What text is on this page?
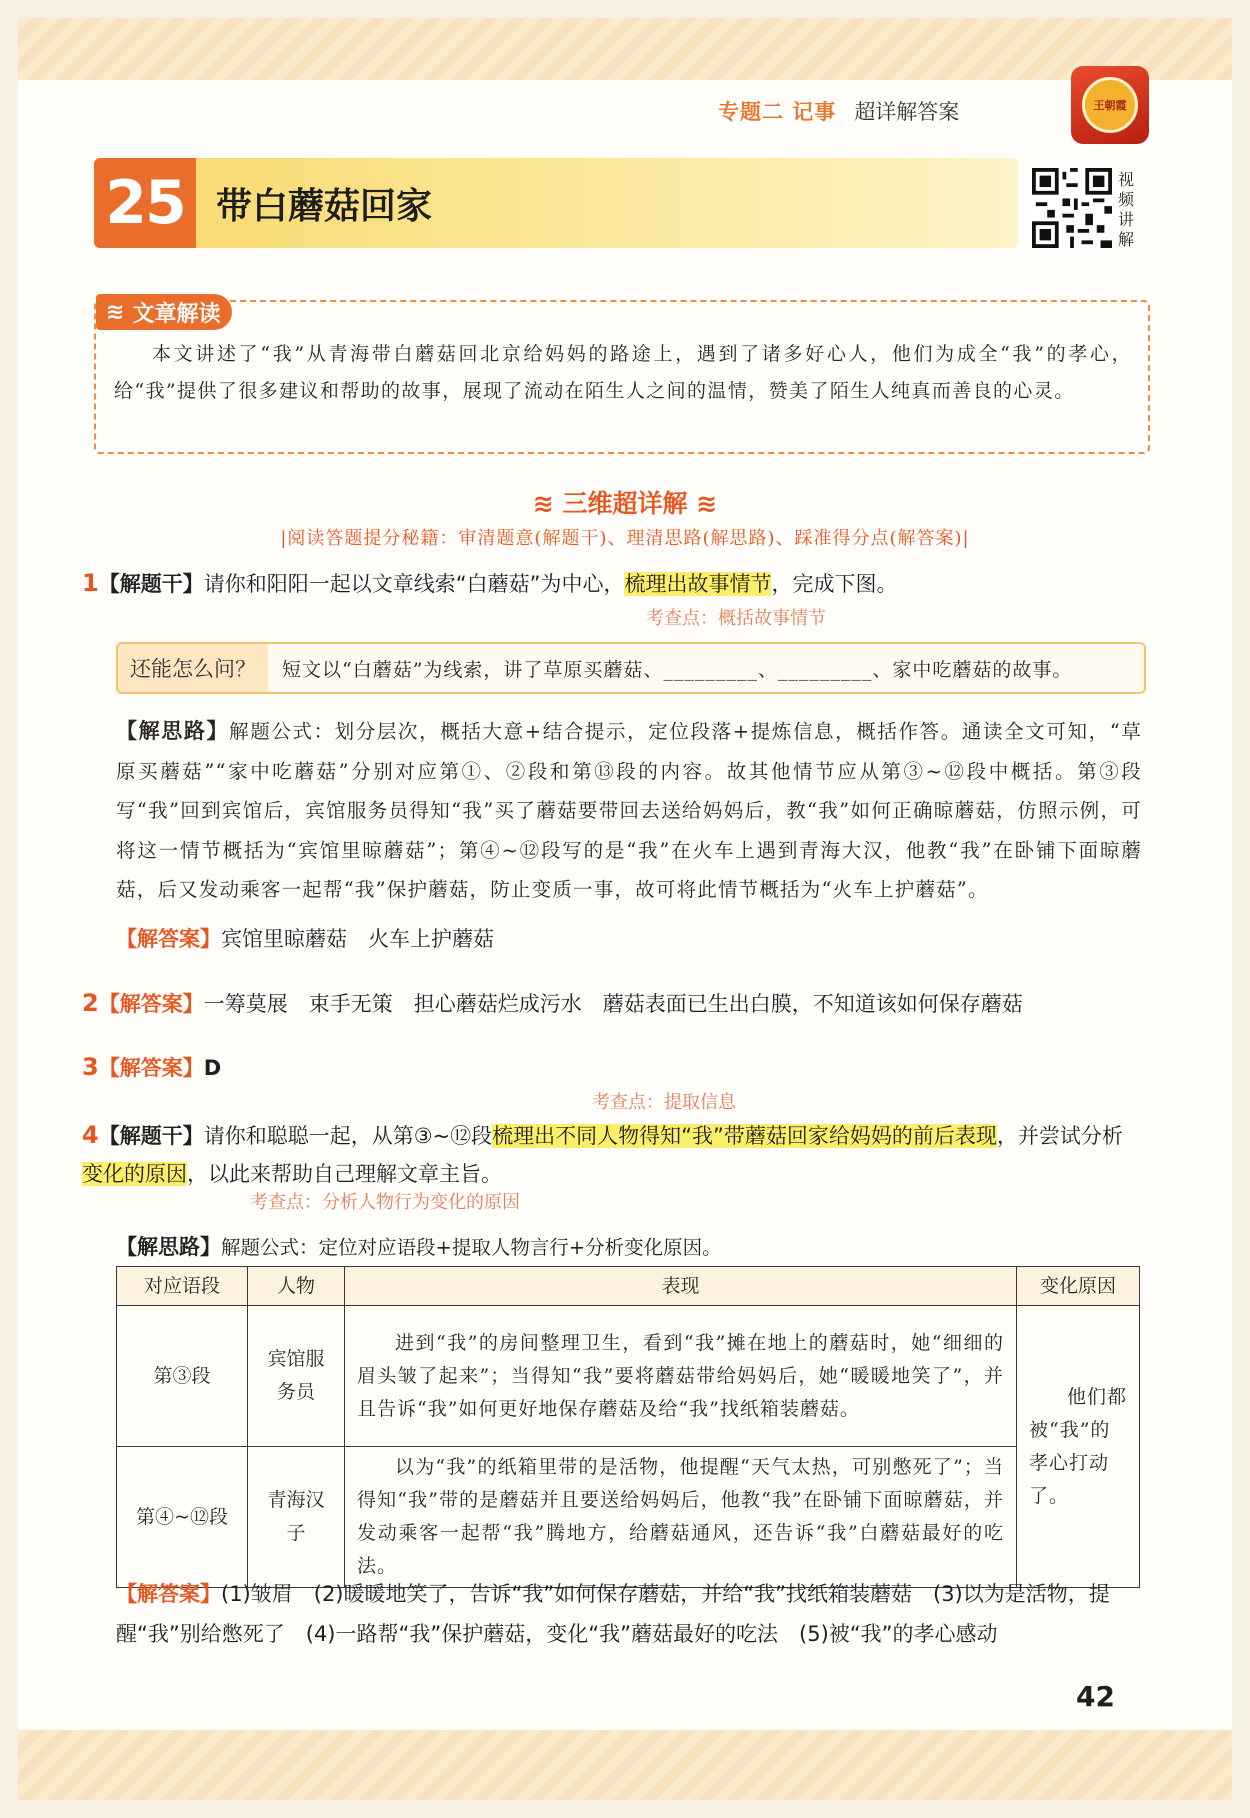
专题二 记事 超详解答案	王朝霞
25 带白蘑菇回家
视频讲解
≋ 文章解读
本文讲述了“我”从青海带白蘑菇回北京给妈妈的路途上，遇到了诸多好心人，他们为成全“我”的孝心，给“我”提供了很多建议和帮助的故事，展现了流动在陌生人之间的温情，赞美了陌生人纯真而善良的心灵。
≋ 三维超详解 ≋
|阅读答题提分秘籍：审清题意(解题干)、理清思路(解思路)、踩准得分点(解答案)|
1【解题干】请你和阳阳一起以文章线索“白蘑菇”为中心，梳理出故事情节，完成下图。
考查点：概括故事情节
还能怎么问？	短文以“白蘑菇”为线索，讲了草原买蘑菇、_________、_________、家中吃蘑菇的故事。
【解思路】解题公式：划分层次，概括大意+结合提示，定位段落+提炼信息，概括作答。通读全文可知，“草原买蘑菇”“家中吃蘑菇”分别对应第①、②段和第⑬段的内容。故其他情节应从第③~⑫段中概括。第③段写“我”回到宾馆后，宾馆服务员得知“我”买了蘑菇要带回去送给妈妈后，教“我”如何正确晾蘑菇，仿照示例，可将这一情节概括为“宾馆里晾蘑菇”；第④~⑫段写的是“我”在火车上遇到青海大汉，他教“我”在卧铺下面晾蘑菇，后又发动乘客一起帮“我”保护蘑菇，防止变质一事，故可将此情节概括为“火车上护蘑菇”。
【解答案】宾馆里晾蘑菇　火车上护蘑菇
2【解答案】一筹莫展　束手无策　担心蘑菇烂成污水　蘑菇表面已生出白膜，不知道该如何保存蘑菇
3【解答案】D
考查点：提取信息
4【解题干】请你和聪聪一起，从第③~⑫段梳理出不同人物得知“我”带蘑菇回家给妈妈的前后表现，并尝试分析变化的原因，以此来帮助自己理解文章主旨。
考查点：分析人物行为变化的原因
【解思路】解题公式：定位对应语段+提取人物言行+分析变化原因。
对应语段	人物	表现	变化原因
第③段	宾馆服务员	进到“我”的房间整理卫生，看到“我”摊在地上的蘑菇时，她“细细的眉头皱了起来”；当得知“我”要将蘑菇带给妈妈后，她“暖暖地笑了”，并且告诉“我”如何更好地保存蘑菇及给“我”找纸箱装蘑菇。	他们都被“我”的孝心打动了。
第④~⑫段	青海汉子	以为“我”的纸箱里带的是活物，他提醒“天气太热，可别憋死了”；当得知“我”带的是蘑菇并且要送给妈妈后，他教“我”在卧铺下面晾蘑菇，并发动乘客一起帮“我”腾地方，给蘑菇通风，还告诉“我”白蘑菇最好的吃法。	
【解答案】(1)皱眉　(2)暖暖地笑了，告诉“我”如何保存蘑菇，并给“我”找纸箱装蘑菇　(3)以为是活物，提醒“我”别给憋死了　(4)一路帮“我”保护蘑菇，变化“我”蘑菇最好的吃法　(5)被“我”的孝心感动
42
